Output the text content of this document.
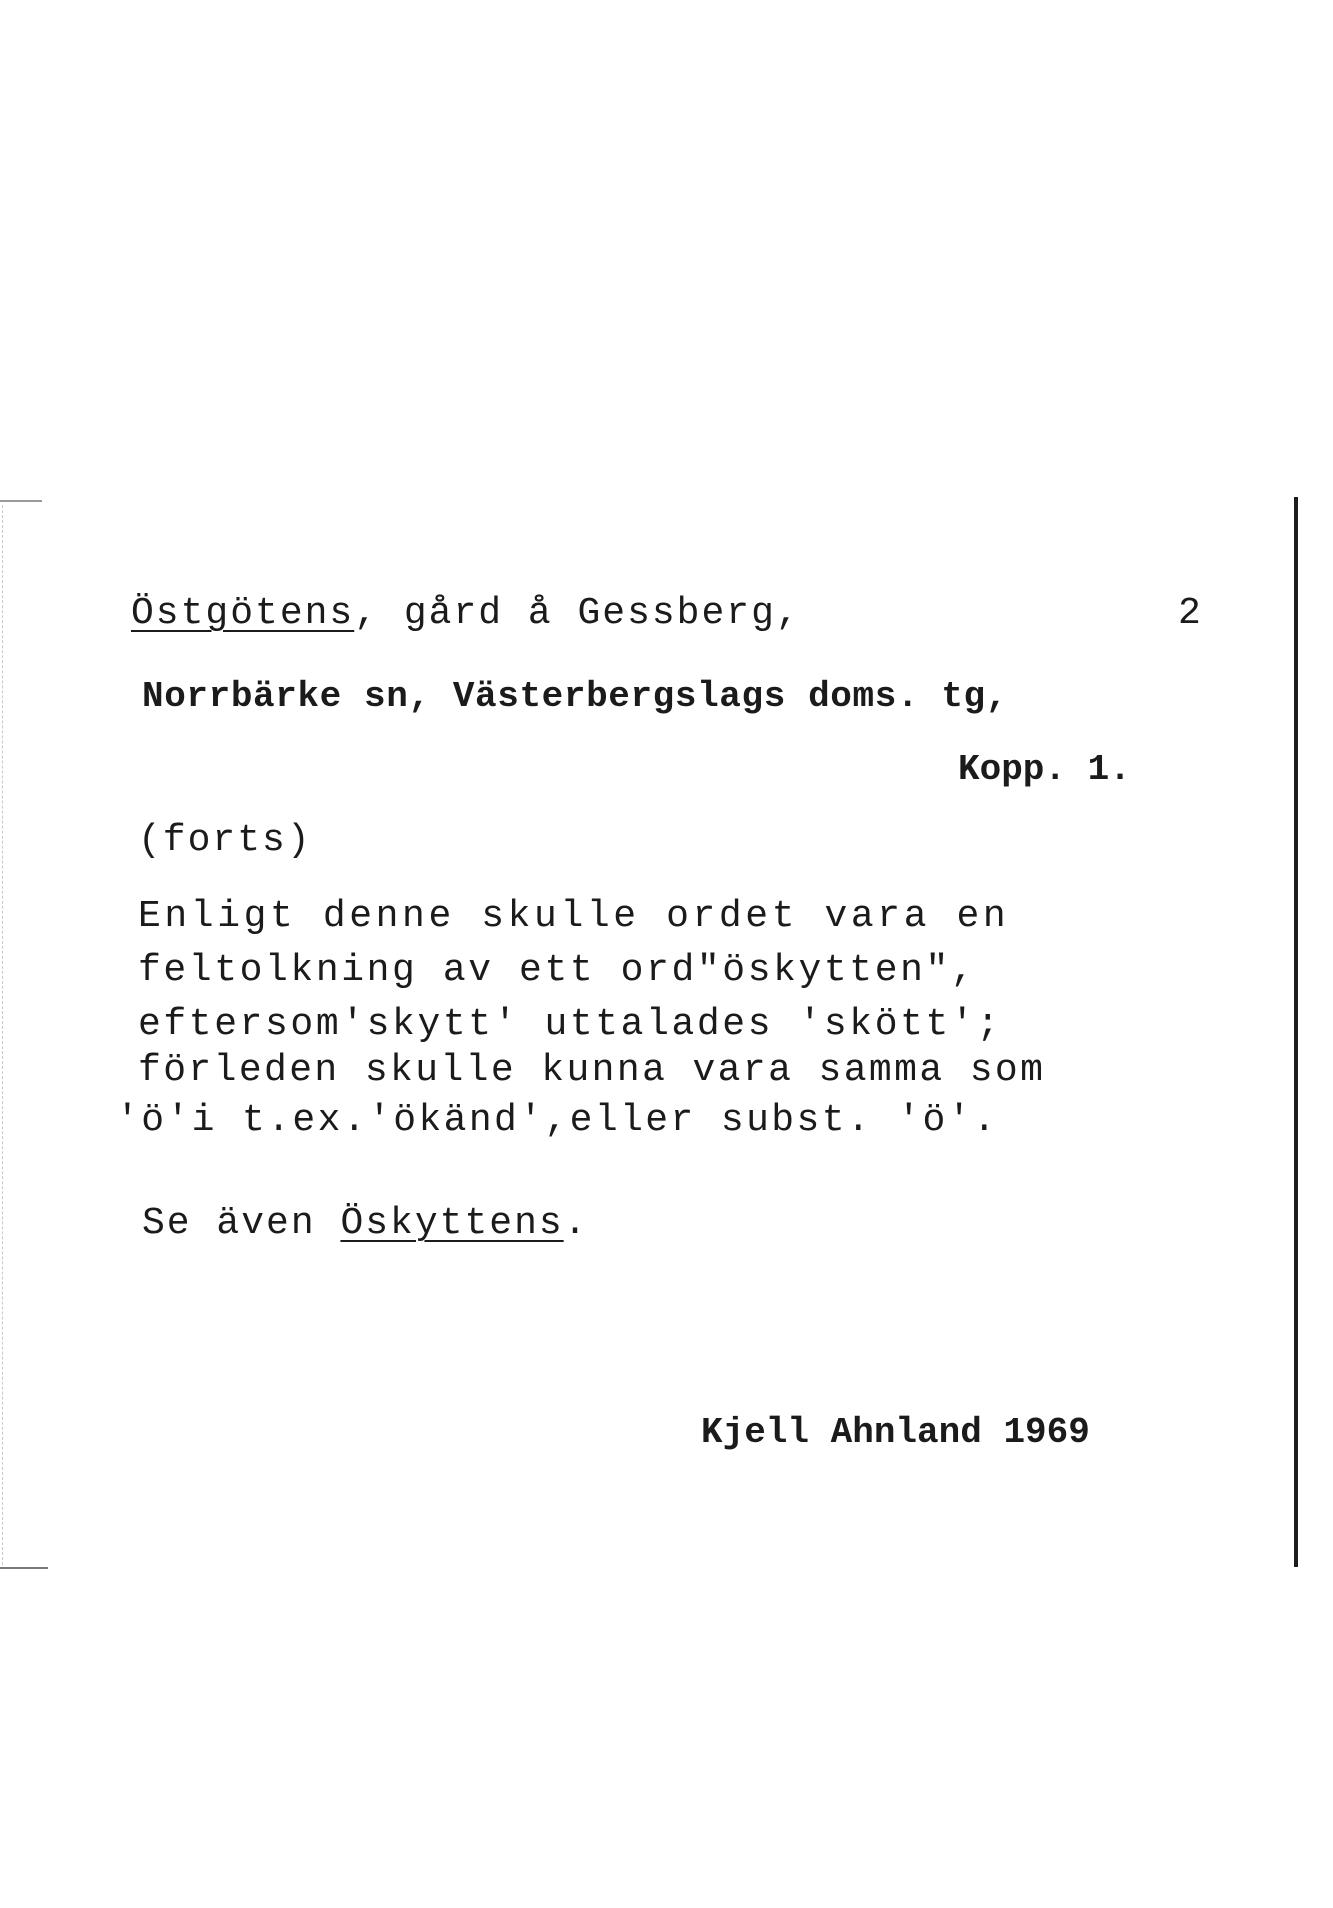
Östgötens, gård å Gessberg,	2
Norrbärke sn, Västerbergslags doms. tg,
Kopp. 1.
(forts)
Enligt denne skulle ordet vara en
feltolkning av ett ord"öskytten",
eftersom'skytt' uttalades 'skött';
förleden skulle kunna vara samma som
'ö'i t.ex.'ökänd',eller subst. 'ö'.
Se även Öskyttens.
Kjell Ahnland 1969
